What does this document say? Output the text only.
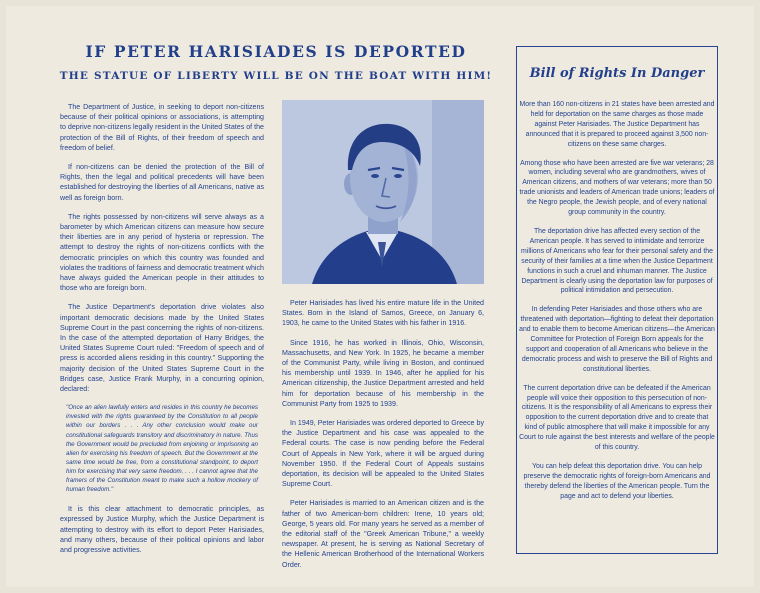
IF PETER HARISIADES IS DEPORTED
THE STATUE OF LIBERTY WILL BE ON THE BOAT WITH HIM!

The Department of Justice, in seeking to deport non-citizens because of their political opinions or associations, is attempting to deprive non-citizens legally resident in the United States of the protection of the Bill of Rights, of their freedom of speech and freedom of belief.

If non-citizens can be denied the protection of the Bill of Rights, then the legal and political precedents will have been established for destroying the liberties of all Americans, native as well as foreign born.

The rights possessed by non-citizens will serve always as a barometer by which American citizens can measure how secure their liberties are in any period of hysteria or repression. The attempt to destroy the rights of non-citizens conflicts with the democratic principles on which this country was founded and violates the traditions of fairness and democratic treatment which have always guided the American people in their attitudes to those who are foreign born.

The Justice Department's deportation drive violates also important democratic decisions made by the United States Supreme Court in the past concerning the rights of non-citizens. In the case of the attempted deportation of Harry Bridges, the United States Supreme Court ruled: "Freedom of speech and of press is accorded aliens residing in this country." Supporting the majority decision of the United States Supreme Court in the Bridges case, Justice Frank Murphy, in a concurring opinion, declared:

"Once an alien lawfully enters and resides in this country he becomes invested with the rights guaranteed by the Constitution to all people within our borders . . . Any other conclusion would make our constitutional safeguards transitory and discriminatory in nature. Thus the Government would be precluded from enjoining or imprisoning an alien for exercising his freedom of speech. But the Government at the same time would be free, from a constitutional standpoint, to deport him for exercising that very same freedom. . . . I cannot agree that the framers of the Constitution meant to make such a hollow mockery of human freedom."

It is this clear attachment to democratic principles, as expressed by Justice Murphy, which the Justice Department is attempting to destroy with its effort to deport Peter Harisiades, and many others, because of their political opinions and labor and progressive activities.

Peter Harisiades has lived his entire mature life in the United States. Born in the Island of Samos, Greece, on January 6, 1903, he came to the United States with his father in 1916.

Since 1916, he has worked in Illinois, Ohio, Wisconsin, Massachusetts, and New York. In 1925, he became a member of the Communist Party, while living in Boston, and continued his membership until 1939. In 1946, after he applied for his American citizenship, the Justice Department arrested and held him for deportation because of his membership in the Communist Party from 1925 to 1939.

In 1949, Peter Harisiades was ordered deported to Greece by the Justice Department and his case was appealed to the Federal courts. The case is now pending before the Federal Court of Appeals in New York, where it will be argued during November 1950. If the Federal Court of Appeals sustains deportation, its decision will be appealed to the United States Supreme Court.

Peter Harisiades is married to an American citizen and is the father of two American-born children: Irene, 10 years old; George, 5 years old. For many years he served as a member of the editorial staff of the "Greek American Tribune," a weekly newspaper. At present, he is serving as National Secretary of the Hellenic American Brotherhood of the International Workers Order.

Bill of Rights In Danger

More than 160 non-citizens in 21 states have been arrested and held for deportation on the same charges as those made against Peter Harisiades. The Justice Department has announced that it is prepared to proceed against 3,500 non-citizens on these same charges.

Among those who have been arrested are five war veterans; 28 women, including several who are grandmothers, wives of American citizens, and mothers of war veterans; more than 50 trade unionists and leaders of American trade unions; leaders of the Negro people, the Jewish people, and of every national group community in the country.

The deportation drive has affected every section of the American people. It has served to intimidate and terrorize millions of Americans who fear for their personal safety and the security of their families at a time when the Justice Department functions in such a cruel and inhuman manner. The Justice Department is clearly using the deportation law for purposes of political intimidation and persecution.

In defending Peter Harisiades and those others who are threatened with deportation—fighting to defeat their deportation and to enable them to become American citizens—the American Committee for Protection of Foreign Born appeals for the support and cooperation of all Americans who believe in the democratic process and wish to preserve the Bill of Rights and constitutional liberties.

The current deportation drive can be defeated if the American people will voice their opposition to this persecution of non-citizens. It is the responsibility of all Americans to express their opposition to the current deportation drive and to create that kind of public atmosphere that will make it impossible for any Court to rule against the best interests and welfare of the people of this country.

You can help defeat this deportation drive. You can help preserve the democratic rights of foreign-born Americans and thereby defend the liberties of the American people. Turn the page and act to defend your liberties.
